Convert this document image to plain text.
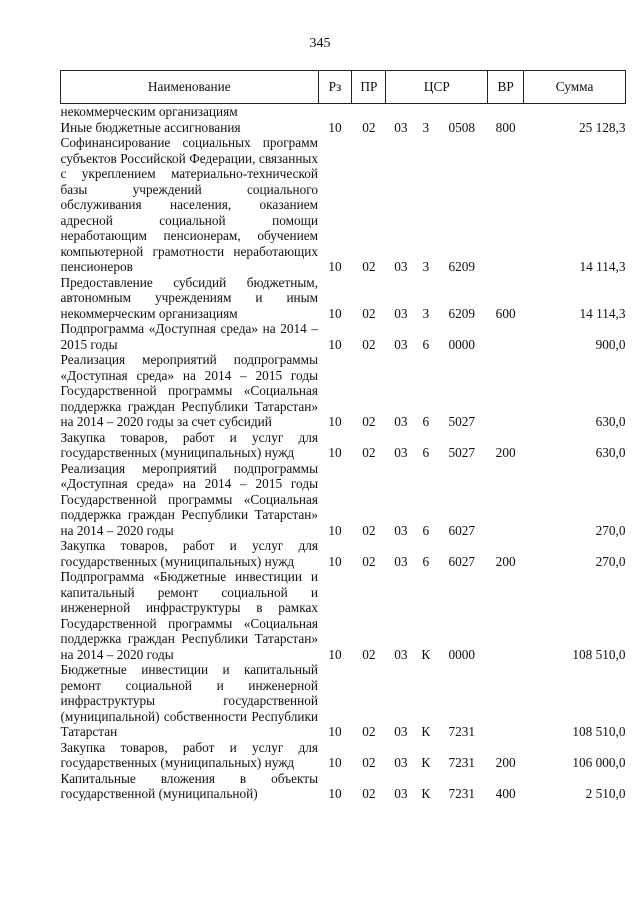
345
Наименование	Рз	ПР	ЦСР			ВР	Сумма
некоммерческим организациям							
Иные бюджетные ассигнования	10	02	03	3	0508	800	25 128,3
Софинансирование социальных программ субъектов Российской Федерации, связанных с укреплением материально-технической базы учреждений социального обслуживания населения, оказанием адресной социальной помощи неработающим пенсионерам, обучением компьютерной грамотности неработающих пенсионеров	10	02	03	3	6209		14 114,3
Предоставление субсидий бюджетным, автономным учреждениям и иным некоммерческим организациям	10	02	03	3	6209	600	14 114,3
Подпрограмма «Доступная среда» на 2014 – 2015 годы	10	02	03	6	0000		900,0
Реализация мероприятий подпрограммы «Доступная среда» на 2014 – 2015 годы Государственной программы «Социальная поддержка граждан Республики Татарстан» на 2014 – 2020 годы за счет субсидий	10	02	03	6	5027		630,0
Закупка товаров, работ и услуг для государственных (муниципальных) нужд	10	02	03	6	5027	200	630,0
Реализация мероприятий подпрограммы «Доступная среда» на 2014 – 2015 годы Государственной программы «Социальная поддержка граждан Республики Татарстан» на 2014 – 2020 годы	10	02	03	6	6027		270,0
Закупка товаров, работ и услуг для государственных (муниципальных) нужд	10	02	03	6	6027	200	270,0
Подпрограмма «Бюджетные инвестиции и капитальный ремонт социальной и инженерной инфраструктуры в рамках Государственной программы «Социальная поддержка граждан Республики Татарстан» на 2014 – 2020 годы	10	02	03	К	0000		108 510,0
Бюджетные инвестиции и капитальный ремонт социальной и инженерной инфраструктуры государственной (муниципальной) собственности Республики Татарстан	10	02	03	К	7231		108 510,0
Закупка товаров, работ и услуг для государственных (муниципальных) нужд	10	02	03	К	7231	200	106 000,0
Капитальные вложения в объекты государственной (муниципальной)	10	02	03	К	7231	400	2 510,0
